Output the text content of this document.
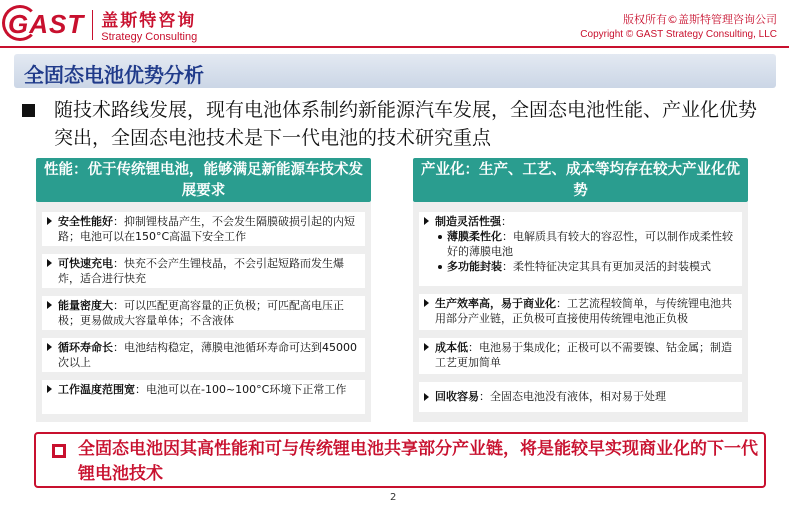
GAST 盖斯特咨询
Strategy Consulting
版权所有©盖斯特管理咨询公司
Copyright © GAST Strategy Consulting, LLC
全固态电池优势分析
随技术路线发展，现有电池体系制约新能源汽车发展，全固态电池性能、产业化优势突出，全固态电池技术是下一代电池的技术研究重点
性能：优于传统锂电池，能够满足新能源车技术发展要求
安全性能好：抑制锂枝晶产生，不会发生隔膜破损引起的内短路；电池可以在150°C高温下安全工作
可快速充电：快充不会产生锂枝晶，不会引起短路而发生爆炸，适合进行快充
能量密度大：可以匹配更高容量的正负极；可匹配高电压正极；更易做成大容量单体；不含液体
循环寿命长：电池结构稳定，薄膜电池循环寿命可达到45000次以上
工作温度范围宽：电池可以在-100~100°C环境下正常工作
产业化：生产、工艺、成本等均存在较大产业化优势
制造灵活性强：
薄膜柔性化：电解质具有较大的容忍性，可以制作成柔性较好的薄膜电池
多功能封装：柔性特征决定其具有更加灵活的封装模式
生产效率高，易于商业化：工艺流程较简单，与传统锂电池共用部分产业链，正负极可直接使用传统锂电池正负极
成本低：电池易于集成化；正极可以不需要镍、钴金属；制造工艺更加简单
回收容易：全固态电池没有液体，相对易于处理
全固态电池因其高性能和可与传统锂电池共享部分产业链，将是能较早实现商业化的下一代锂电池技术
2
